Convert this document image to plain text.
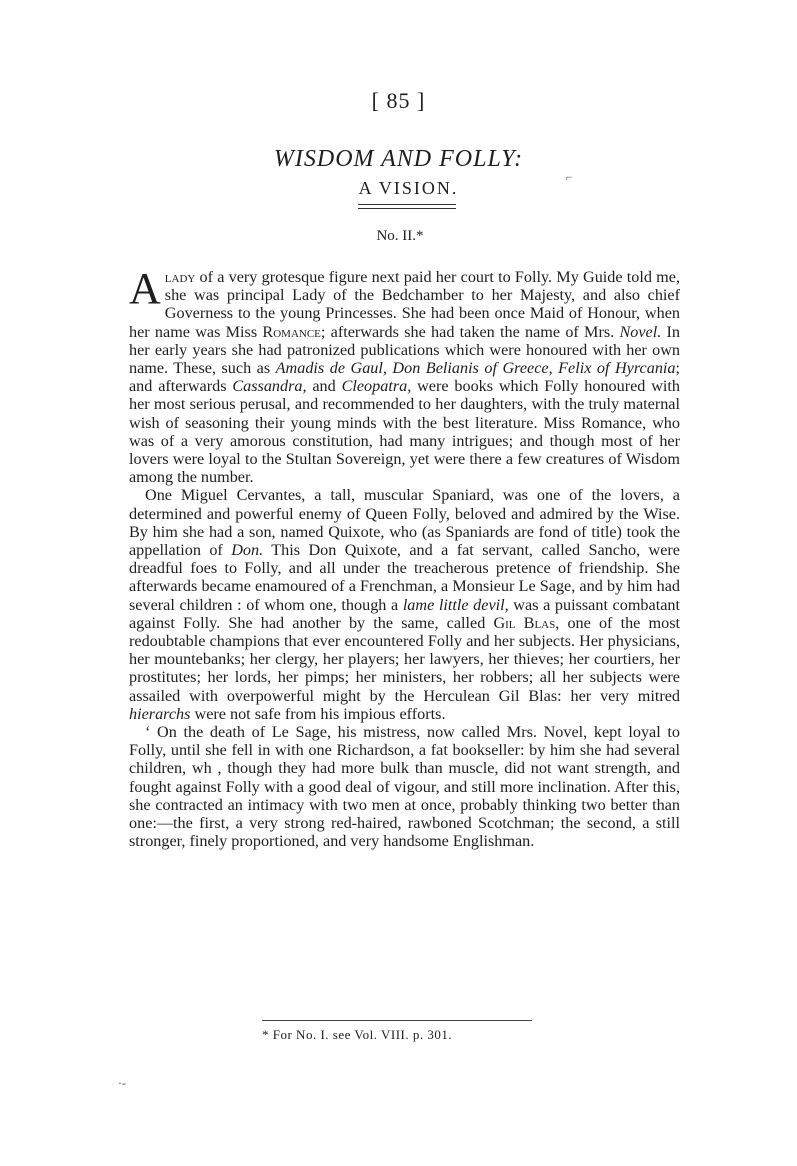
[ 85 ]
WISDOM AND FOLLY:
A VISION.
No. II.*

Alady of a very grotesque figure next paid her court to Folly. My Guide told me, she was principal Lady of the Bedchamber to her Majesty, and also chief Governess to the young Princesses. She had been once Maid of Honour, when her name was Miss Romance; afterwards she had taken the name of Mrs. Novel. In her early years she had patronized publications which were honoured with her own name. These, such as Amadis de Gaul, Don Belianis of Greece, Felix of Hyrcania; and afterwards Cassandra, and Cleopatra, were books which Folly honoured with her most serious perusal, and recommended to her daughters, with the truly maternal wish of seasoning their young minds with the best literature. Miss Romance, who was of a very amorous constitution, had many intrigues; and though most of her lovers were loyal to the Stultan Sovereign, yet were there a few creatures of Wisdom among the number.

One Miguel Cervantes, a tall, muscular Spaniard, was one of the lovers, a determined and powerful enemy of Queen Folly, beloved and admired by the Wise. By him she had a son, named Quixote, who (as Spaniards are fond of title) took the appellation of Don. This Don Quixote, and a fat servant, called Sancho, were dreadful foes to Folly, and all under the treacherous pretence of friendship. She afterwards became enamoured of a Frenchman, a Monsieur Le Sage, and by him had several children : of whom one, though a lame little devil, was a puissant combatant against Folly. She had another by the same, called Gil Blas, one of the most redoubtable champions that ever encountered Folly and her subjects. Her physicians, her mountebanks; her clergy, her players; her lawyers, her thieves; her courtiers, her prostitutes; her lords, her pimps; her ministers, her robbers; all her subjects were assailed with overpowerful might by the Herculean Gil Blas: her very mitred hierarchs were not safe from his impious efforts.

‘ On the death of Le Sage, his mistress, now called Mrs. Novel, kept loyal to Folly, until she fell in with one Richardson, a fat bookseller: by him she had several children, wh , though they had more bulk than muscle, did not want strength, and fought against Folly with a good deal of vigour, and still more inclination. After this, she contracted an intimacy with two men at once, probably thinking two better than one:—the first, a very strong red-haired, rawboned Scotchman; the second, a still stronger, finely proportioned, and very handsome Englishman.

* For No. I. see Vol. VIII. p. 301.
⌐
·-
